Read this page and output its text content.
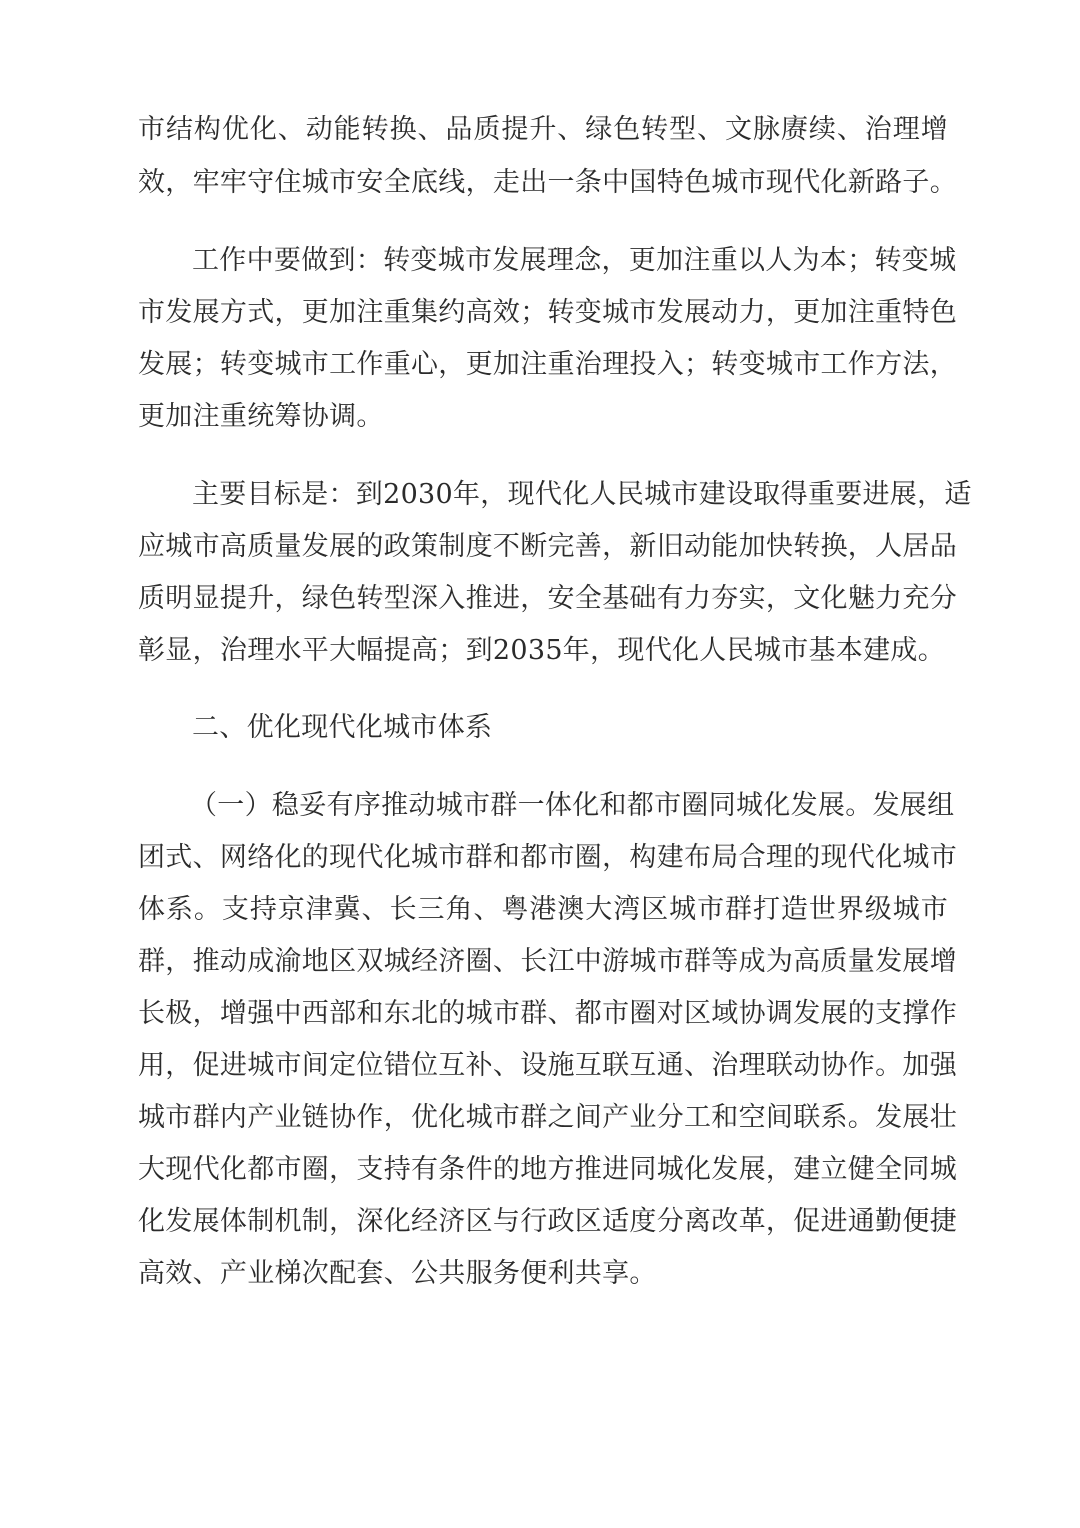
市结构优化、动能转换、品质提升、绿色转型、文脉赓续、治理增
效，牢牢守住城市安全底线，走出一条中国特色城市现代化新路子。
工作中要做到：转变城市发展理念，更加注重以人为本；转变城
市发展方式，更加注重集约高效；转变城市发展动力，更加注重特色
发展；转变城市工作重心，更加注重治理投入；转变城市工作方法，
更加注重统筹协调。
主要目标是：到2030年，现代化人民城市建设取得重要进展，适
应城市高质量发展的政策制度不断完善，新旧动能加快转换，人居品
质明显提升，绿色转型深入推进，安全基础有力夯实，文化魅力充分
彰显，治理水平大幅提高；到2035年，现代化人民城市基本建成。
二、优化现代化城市体系
（一）稳妥有序推动城市群一体化和都市圈同城化发展。发展组
团式、网络化的现代化城市群和都市圈，构建布局合理的现代化城市
体系。支持京津冀、长三角、粤港澳大湾区城市群打造世界级城市
群，推动成渝地区双城经济圈、长江中游城市群等成为高质量发展增
长极，增强中西部和东北的城市群、都市圈对区域协调发展的支撑作
用，促进城市间定位错位互补、设施互联互通、治理联动协作。加强
城市群内产业链协作，优化城市群之间产业分工和空间联系。发展壮
大现代化都市圈，支持有条件的地方推进同城化发展，建立健全同城
化发展体制机制，深化经济区与行政区适度分离改革，促进通勤便捷
高效、产业梯次配套、公共服务便利共享。
